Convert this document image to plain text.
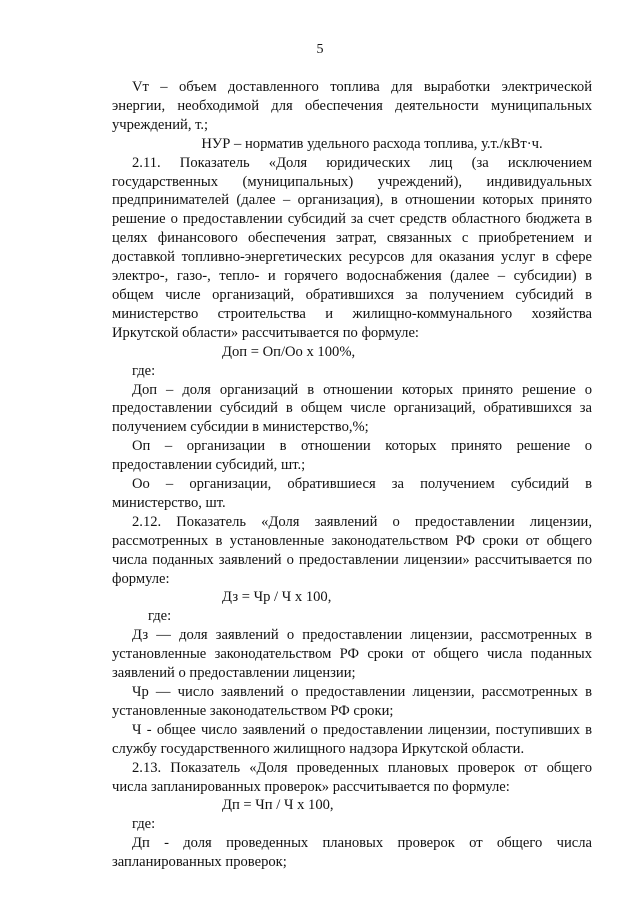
5

Vт – объем доставленного топлива для выработки электрической энергии, необходимой для обеспечения деятельности муниципальных учреждений, т.;

НУР – норматив удельного расхода топлива, у.т./кВт·ч.

2.11. Показатель «Доля юридических лиц (за исключением государственных (муниципальных) учреждений), индивидуальных предпринимателей (далее – организация), в отношении которых принято решение о предоставлении субсидий за счет средств областного бюджета в целях финансового обеспечения затрат, связанных с приобретением и доставкой топливно-энергетических ресурсов для оказания услуг в сфере электро-, газо-, тепло- и горячего водоснабжения (далее – субсидии) в общем числе организаций, обратившихся за получением субсидий в министерство строительства и жилищно-коммунального хозяйства Иркутской области» рассчитывается по формуле:

Доп = Оп/Оо х 100%,

где:

Доп – доля организаций в отношении которых принято решение о предоставлении субсидий в общем числе организаций, обратившихся за получением субсидии в министерство,%;

Оп – организации в отношении которых принято решение о предоставлении субсидий, шт.;

Оо – организации, обратившиеся за получением субсидий в министерство, шт.

2.12. Показатель «Доля заявлений о предоставлении лицензии, рассмотренных в установленные законодательством РФ сроки от общего числа поданных заявлений о предоставлении лицензии» рассчитывается по формуле:

Дз = Чр / Ч х 100,

где:

Дз — доля заявлений о предоставлении лицензии, рассмотренных в установленные законодательством РФ сроки от общего числа поданных заявлений о предоставлении лицензии;

Чр — число заявлений о предоставлении лицензии, рассмотренных в установленные законодательством РФ сроки;

Ч - общее число заявлений о предоставлении лицензии, поступивших в службу государственного жилищного надзора Иркутской области.

2.13. Показатель «Доля проведенных плановых проверок от общего числа запланированных проверок» рассчитывается по формуле:

Дп = Чп / Ч х 100,

где:

Дп - доля проведенных плановых проверок от общего числа запланированных проверок;
